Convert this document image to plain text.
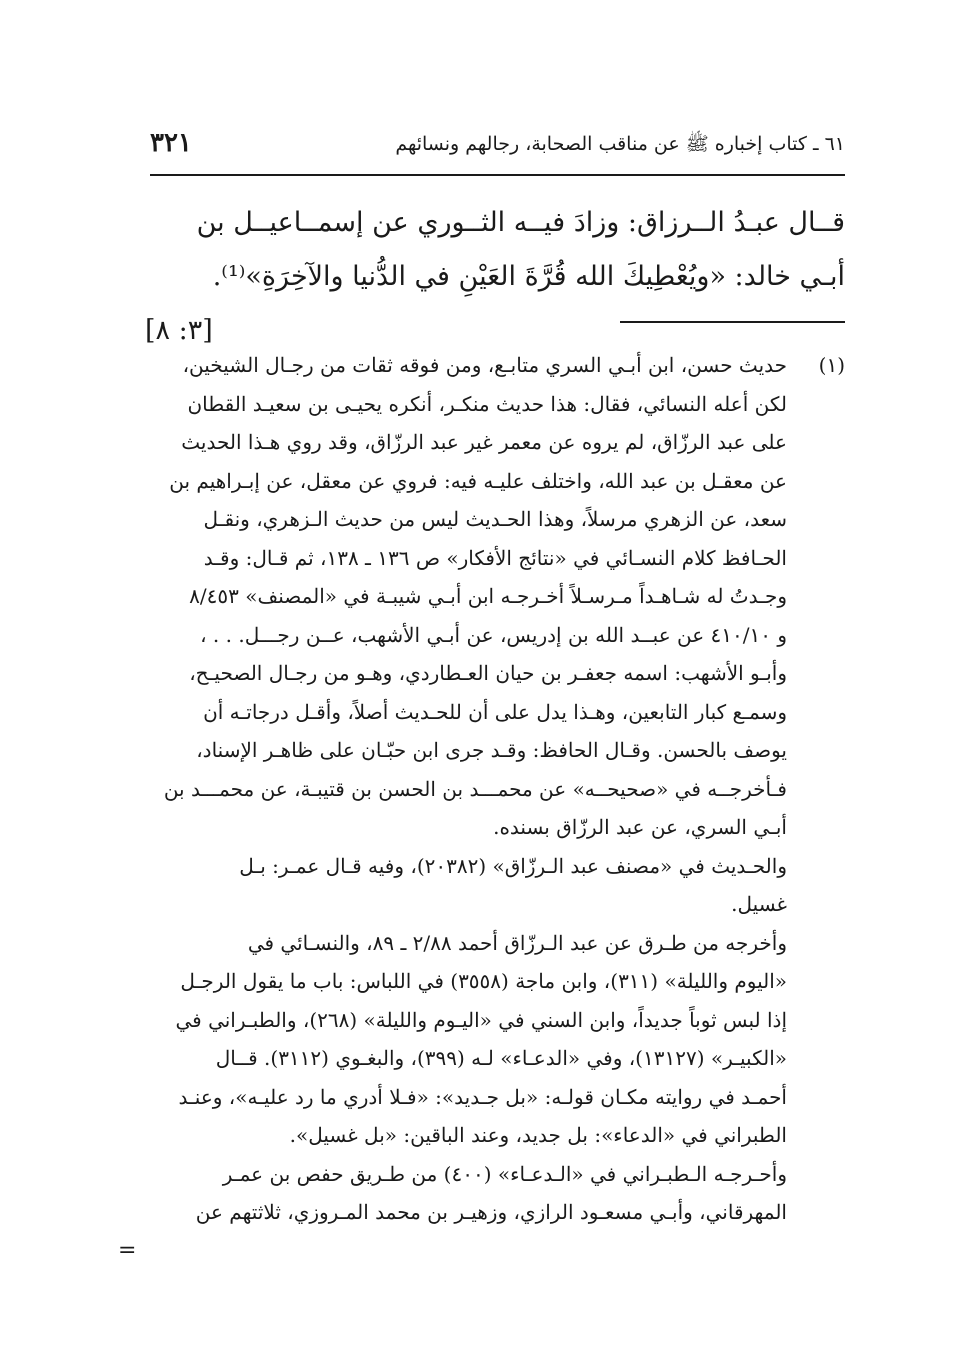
٦١ ـ كتاب إخباره ﷺ عن مناقب الصحابة، رجالهم ونسائهم
٣٢١
قــال عبـدُ الــرزاق: وزادَ فيــه الثــوري عن إسمــاعيــل بن
أبـي خالد: «ويُعْطِيكَ الله قُرَّةَ العَيْنِ في الدُّنيا والآخِرَةِ»⁽¹⁾.
[٣: ٨]
(١)
حديث حسن، ابن أبـي السري متابـع، ومن فوقه ثقات من رجـال الشيخين،
لكن أعله النسائي، فقال: هذا حديث منكـر، أنكره يحيـى بن سعيـد القطان
على عبد الرزّاق، لم يروه عن معمر غير عبد الرزّاق، وقد روي هـذا الحديث
عن معقـل بن عبد الله، واختلف عليـه فيه: فروي عن معقل، عن إبـراهيم بن
سعد، عن الزهري مرسلاً، وهذا الحـديث ليس من حديث الـزهري، ونقـل
الحـافظ كلام النسـائي في «نتائج الأفكار» ص ١٣٦ ـ ١٣٨، ثم قـال: وقـد
وجـدتُ له شـاهـداً مـرسـلاً أخـرجـه ابن أبـي شيبـة في «المصنف» ٨/٤٥٣
و ٤١٠/١٠ عن عبــد الله بن إدريس، عن أبـي الأشهب، عــن رجـــل. . . ،
وأبـو الأشهب: اسمه جعفـر بن حيان العـطاردي، وهـو من رجـال الصحيـح،
وسمـع كبار التابعين، وهـذا يدل على أن للحـديث أصلاً، وأقـل درجاتـه أن
يوصف بالحسن. وقـال الحافظ: وقـد جرى ابن حبّـان على ظاهـر الإسناد،
فـأخرجــه في «صحيحــه» عن محمـــد بن الحسن بن قتيبـة، عن محمـــد بن
أبـي السري، عن عبد الرزّاق بسنده.
والحـديث في «مصنف عبد الـرزّاق» (٢٠٣٨٢)، وفيه قـال عمـر: بـل
غسيل.
وأخرجه من طـرق عن عبد الـرزّاق أحمد ٢/٨٨ ـ ٨٩، والنسـائي في
«اليوم والليلة» (٣١١)، وابن ماجة (٣٥٥٨) في اللباس: باب ما يقول الرجـل
إذا لبس ثوباً جديداً، وابن السني في «اليـوم والليلة» (٢٦٨)، والطبـراني في
«الكبيـر» (١٣١٢٧)، وفي «الدعـاء» لـه (٣٩٩)، والبغـوي (٣١١٢). قــال
أحمـد في روايته مكـان قولـه: «بل جـديد»: «فـلا أدري ما رد عليـه»، وعنـد
الطبراني في «الدعاء»: بل جديد، وعند الباقين: «بل غسيل».
وأحـرجـه الـطبـراني في «الـدعـاء» (٤٠٠) من طـريق حفص بن عمـر
المهرقاني، وأبـي مسعـود الرازي، وزهيـر بن محمد المـروزي، ثلاثتهم عن
=
